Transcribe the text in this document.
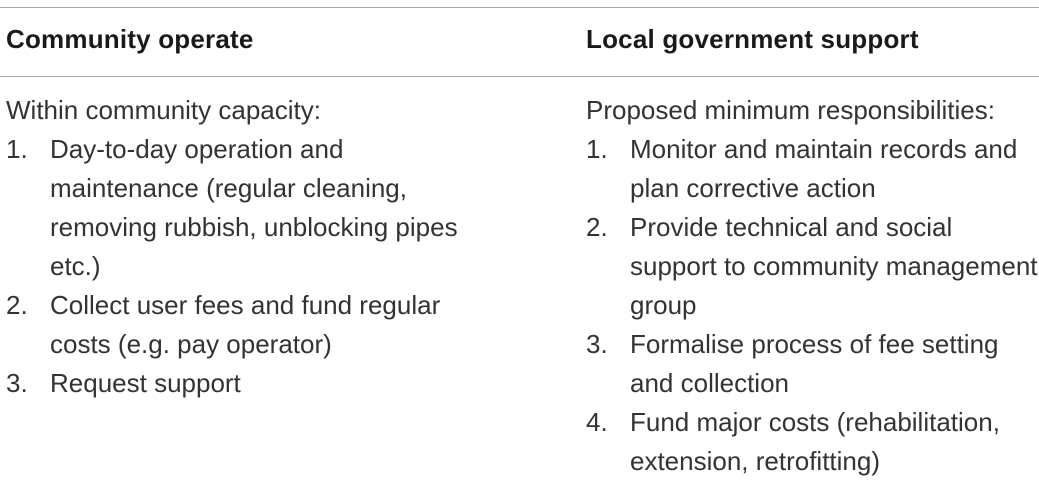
Community operate
Within community capacity:
1. Day-to-day operation and maintenance (regular cleaning, removing rubbish, unblocking pipes etc.)
2. Collect user fees and fund regular costs (e.g. pay operator)
3. Request support
Local government support
Proposed minimum responsibilities:
1. Monitor and maintain records and plan corrective action
2. Provide technical and social support to community management group
3. Formalise process of fee setting and collection
4. Fund major costs (rehabilitation, extension, retrofitting)
